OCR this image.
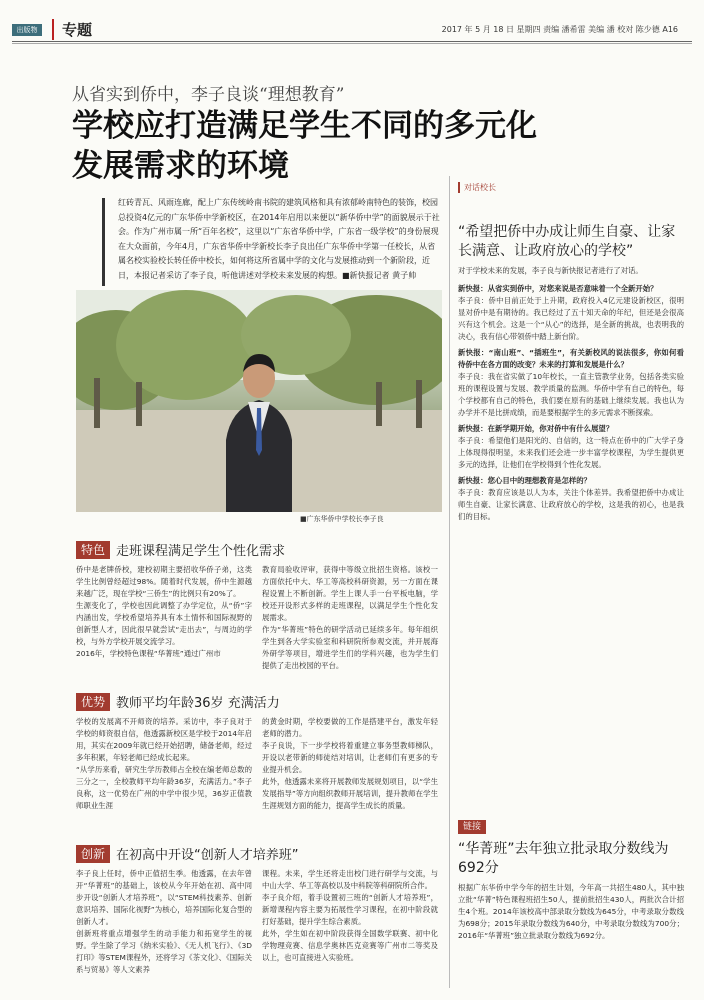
出版物	专题	2017 年 5 月 18 日 星期四 责编 潘希雷 美编 潘 校对 陈少德 A16
从省实到侨中，李子良谈“理想教育”
学校应打造满足学生不同的多元化发展需求的环境
红砖青瓦、风雨连廊，配上广东传统岭南书院的建筑风格和具有浓郁岭南特色的装饰，校园总投资4亿元的广东华侨中学新校区，在2014年启用以来便以“新华侨中学”的面貌展示于社会。作为广州市属一所“百年名校”，这里以“广东省华侨中学，广东省一级学校”的身份展现在大众面前，今年4月，广东省华侨中学新校长李子良出任广东华侨中学第一任校长，从省属名校实验校长转任侨中校长，如何将这所省属中学的文化与发展推动到一个新阶段，近日，本报记者采访了李子良，听他讲述对学校未来发展的构想。■新快报记者 黄子帅
■广东华侨中学校长李子良
特色 走班课程满足学生个性化需求
侨中是老牌侨校，建校初期主要招收华侨子弟，这类学生比例曾经超过98%。随着时代发展，侨中生源越来越广泛，现在学校“三侨生”的比例只有20%了。
生源变化了，学校也因此调整了办学定位，从“侨”字内涵出发，学校希望培养具有本土情怀和国际视野的创新型人才，因此很早就尝试“走出去”，与周边的学校，与外方学校开展交流学习。
2016年，学校特色课程“华菁班”通过广州市
教育局验收评审，获得中等级立批招生资格。该校一方面依托中大、华工等高校科研资源，另一方面在课程设置上不断创新。学生上课人手一台平板电脑，学校还开设形式多样的走班课程，以满足学生个性化发展需求。
作为“华菁班”特色的研学活动已延续多年。每年组织学生到各大学实验室和科研院所参观交流，并开展海外研学等项目，增进学生们的学科兴趣，也为学生们提供了走出校园的平台。
优势 教师平均年龄36岁 充满活力
学校的发展离不开师资的培养。采访中，李子良对于学校的师资很自信，他透露新校区是学校于2014年启用，其实在2009年就已经开始招聘，储备老师，经过多年积累，年轻老师已经成长起来。
“从学历来看，研究生学历教师占全校在编老师总数的三分之一，全校教师平均年龄36岁，充满活力。”李子良称，这一优势在广州的中学中很少见，36岁正值教师职业生涯
的黄金时期，学校要做的工作是搭建平台，激发年轻老师的潜力。
李子良说，下一步学校将着重建立事务型教师梯队，开设以老带新的师徒结对培训，让老师们有更多的专业提升机会。
此外，他透露未来将开展教师发展规划项目，以“学生发展指导”等方向组织教师开展培训，提升教师在学生生涯规划方面的能力，提高学生成长的质量。
创新 在初高中开设“创新人才培养班”
李子良上任时，侨中正值招生季。他透露，在去年曾开“华菁班”的基础上，该校从今年开始在初、高中同步开设“创新人才培养班”，以“STEM科技素养、创新意识培养、国际化视野”为核心，培养国际化复合型的创新人才。
创新班将重点增强学生的动手能力和拓宽学生的视野。学生除了学习《纳米实验》、《无人机飞行》、《3D打印》等STEM课程外，还将学习《茶文化》、《国际关系与贸易》等人文素养
课程。未来，学生还将走出校门进行研学与交流，与中山大学、华工等高校以及中科院等科研院所合作。
李子良介绍，着手设置初三班的“创新人才培养班”，新增课程内容主要为拓展性学习课程，在初中阶段就打好基础，提升学生综合素质。
此外，学生如在初中阶段获得全国数学联赛、初中化学物理竞赛、信息学奥林匹克竞赛等广州市二等奖及以上，也可直接进入实验班。
对话校长
“希望把侨中办成让师生自豪、让家长满意、让政府放心的学校”
对于学校未来的发展，李子良与新快报记者进行了对话。
新快报：从省实到侨中，对您来说是否意味着一个全新开始？
李子良：侨中目前正处于上升期，政府投入4亿元建设新校区，很明显对侨中是有期待的。我已经过了五十知天命的年纪，但还是会很高兴有这个机会。这是一个“从心”的选择，是全新的挑战，也表明我的决心，我有信心带领侨中踏上新台阶。
新快报：“南山班”、“插班生”，有关新校风的说法很多，你如何看待侨中在各方面的改变？未来的打算和发展是什么？
李子良：我在省实做了10年校长，一直主管教学业务，包括各类实验班的课程设置与发展、教学质量的监测。华侨中学有自己的特色，每个学校都有自己的特色，我们要在原有的基础上继续发展。我也认为办学并不是比拼成绩，而是要根据学生的多元需求不断探索。
新快报：在新学期开始，你对侨中有什么展望？
李子良：希望他们是阳光的、自信的，这一特点在侨中的广大学子身上体现得很明显，未来我们还会进一步丰富学校课程，为学生提供更多元的选择，让他们在学校得到个性化发展。
新快报：您心目中的理想教育是怎样的？
李子良：教育应该是以人为本，关注个体差异。我希望把侨中办成让师生自豪、让家长满意、让政府放心的学校，这是我的初心，也是我们的目标。
链接
“华菁班”去年独立批录取分数线为692分
根据广东华侨中学今年的招生计划，今年高一共招生480人，其中独立批“华菁”特色课程班招生50人，提前批招生430人，两批次合计招生4个班。2014年该校高中部录取分数线为645分，中考录取分数线为698分；2015年录取分数线为640分，中考录取分数线为700分；2016年“华菁班”独立批录取分数线为692分。
